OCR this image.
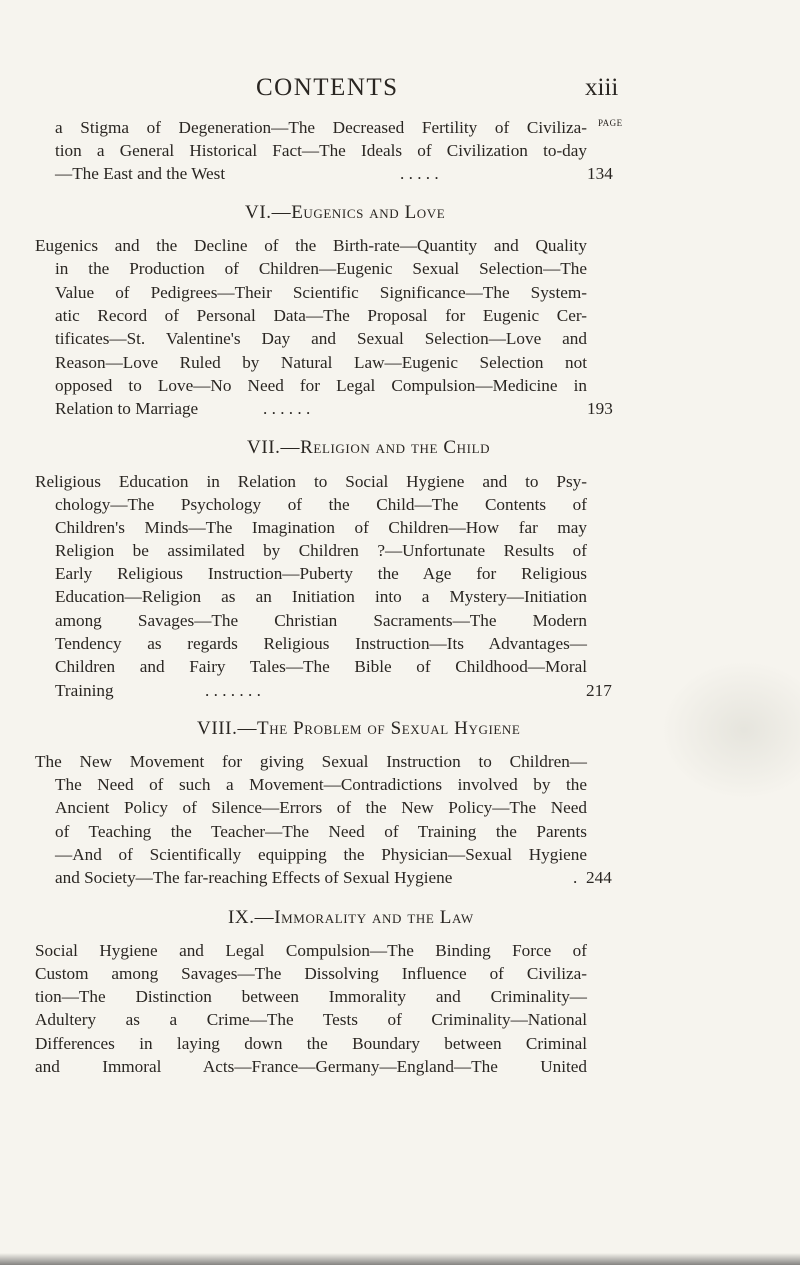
CONTENTS	xiii
PAGE
a Stigma of Degeneration—The Decreased Fertility of Civiliza-
tion a General Historical Fact—The Ideals of Civilization to-day
—The East and the West	. . . . .	134
VI.—Eugenics and Love
Eugenics and the Decline of the Birth-rate—Quantity and Quality
in the Production of Children—Eugenic Sexual Selection—The
Value of Pedigrees—Their Scientific Significance—The System-
atic Record of Personal Data—The Proposal for Eugenic Cer-
tificates—St. Valentine's Day and Sexual Selection—Love and
Reason—Love Ruled by Natural Law—Eugenic Selection not
opposed to Love—No Need for Legal Compulsion—Medicine in
Relation to Marriage	. . . . . .	193
VII.—Religion and the Child
Religious Education in Relation to Social Hygiene and to Psy-
chology—The Psychology of the Child—The Contents of
Children's Minds—The Imagination of Children—How far may
Religion be assimilated by Children ?—Unfortunate Results of
Early Religious Instruction—Puberty the Age for Religious
Education—Religion as an Initiation into a Mystery—Initiation
among Savages—The Christian Sacraments—The Modern
Tendency as regards Religious Instruction—Its Advantages—
Children and Fairy Tales—The Bible of Childhood—Moral
Training	. . . . . . .	217
VIII.—The Problem of Sexual Hygiene
The New Movement for giving Sexual Instruction to Children—
The Need of such a Movement—Contradictions involved by the
Ancient Policy of Silence—Errors of the New Policy—The Need
of Teaching the Teacher—The Need of Training the Parents
—And of Scientifically equipping the Physician—Sexual Hygiene
and Society—The far-reaching Effects of Sexual Hygiene	. 244
IX.—Immorality and the Law
Social Hygiene and Legal Compulsion—The Binding Force of
Custom among Savages—The Dissolving Influence of Civiliza-
tion—The Distinction between Immorality and Criminality—
Adultery as a Crime—The Tests of Criminality—National
Differences in laying down the Boundary between Criminal
and Immoral Acts—France—Germany—England—The United
